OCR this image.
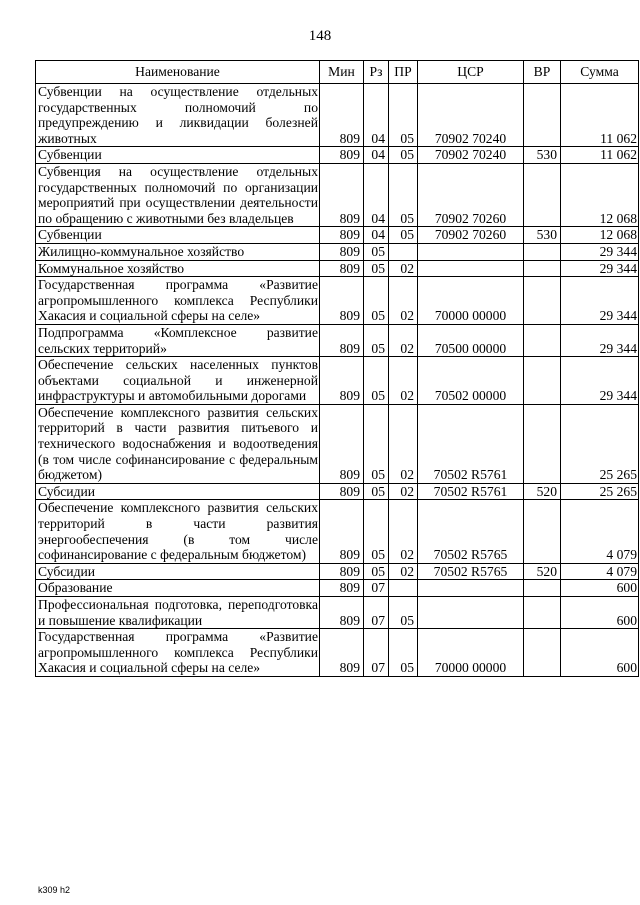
148
Наименование	Мин	Рз	ПР	ЦСР	ВР	Сумма
Субвенции на осуществление отдельных государственных полномочий по предупреждению и ликвидации болезней животных	809	04	05	70902 70240		11 062
Субвенции	809	04	05	70902 70240	530	11 062
Субвенция на осуществление отдельных государственных полномочий по организации мероприятий при осуществлении деятельности по обращению с животными без владельцев	809	04	05	70902 70260		12 068
Субвенции	809	04	05	70902 70260	530	12 068
Жилищно-коммунальное хозяйство	809	05				29 344
Коммунальное хозяйство	809	05	02			29 344
Государственная программа «Развитие агропромышленного комплекса Республики Хакасия и социальной сферы на селе»	809	05	02	70000 00000		29 344
Подпрограмма «Комплексное развитие сельских территорий»	809	05	02	70500 00000		29 344
Обеспечение сельских населенных пунктов объектами социальной и инженерной инфраструктуры и автомобильными дорогами	809	05	02	70502 00000		29 344
Обеспечение комплексного развития сельских территорий в части развития питьевого и технического водоснабжения и водоотведения (в том числе софинансирование с федеральным бюджетом)	809	05	02	70502 R5761		25 265
Субсидии	809	05	02	70502 R5761	520	25 265
Обеспечение комплексного развития сельских территорий в части развития энергообеспечения (в том числе софинансирование с федеральным бюджетом)	809	05	02	70502 R5765		4 079
Субсидии	809	05	02	70502 R5765	520	4 079
Образование	809	07				600
Профессиональная подготовка, переподготовка и повышение квалификации	809	07	05			600
Государственная программа «Развитие агропромышленного комплекса Республики Хакасия и социальной сферы на селе»	809	07	05	70000 00000		600
k309 h2
